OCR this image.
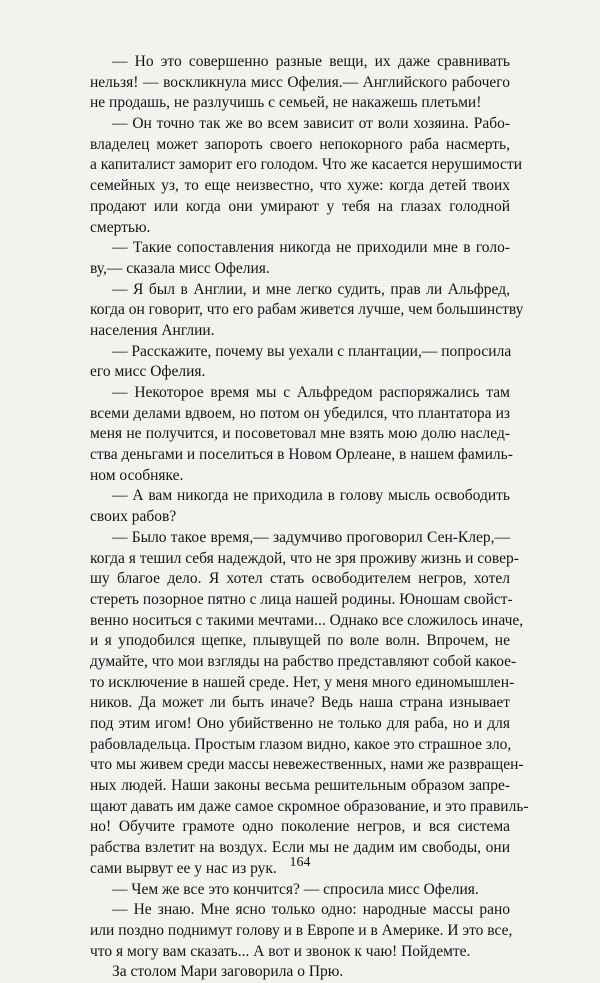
— Но это совершенно разные вещи, их даже сравнивать
нельзя! — воскликнула мисс Офелия.— Английского рабочего
не продашь, не разлучишь с семьей, не накажешь плетьми!
— Он точно так же во всем зависит от воли хозяина. Рабо-
владелец может запороть своего непокорного раба насмерть,
а капиталист заморит его голодом. Что же касается нерушимости
семейных уз, то еще неизвестно, что хуже: когда детей твоих
продают или когда они умирают у тебя на глазах голодной
смертью.
— Такие сопоставления никогда не приходили мне в голо-
ву,— сказала мисс Офелия.
— Я был в Англии, и мне легко судить, прав ли Альфред,
когда он говорит, что его рабам живется лучше, чем большинству
населения Англии.
— Расскажите, почему вы уехали с плантации,— попросила
его мисс Офелия.
— Некоторое время мы с Альфредом распоряжались там
всеми делами вдвоем, но потом он убедился, что плантатора из
меня не получится, и посоветовал мне взять мою долю наслед-
ства деньгами и поселиться в Новом Орлеане, в нашем фамиль-
ном особняке.
— А вам никогда не приходила в голову мысль освободить
своих рабов?
— Было такое время,— задумчиво проговорил Сен-Клер,—
когда я тешил себя надеждой, что не зря проживу жизнь и совер-
шу благое дело. Я хотел стать освободителем негров, хотел
стереть позорное пятно с лица нашей родины. Юношам свойст-
венно носиться с такими мечтами... Однако все сложилось иначе,
и я уподобился щепке, плывущей по воле волн. Впрочем, не
думайте, что мои взгляды на рабство представляют собой какое-
то исключение в нашей среде. Нет, у меня много единомышлен-
ников. Да может ли быть иначе? Ведь наша страна изнывает
под этим игом! Оно убийственно не только для раба, но и для
рабовладельца. Простым глазом видно, какое это страшное зло,
что мы живем среди массы невежественных, нами же развращен-
ных людей. Наши законы весьма решительным образом запре-
щают давать им даже самое скромное образование, и это правиль-
но! Обучите грамоте одно поколение негров, и вся система
рабства взлетит на воздух. Если мы не дадим им свободы, они
сами вырвут ее у нас из рук.
— Чем же все это кончится? — спросила мисс Офелия.
— Не знаю. Мне ясно только одно: народные массы рано
или поздно поднимут голову и в Европе и в Америке. И это все,
что я могу вам сказать... А вот и звонок к чаю! Пойдемте.
За столом Мари заговорила о Прю.
164
